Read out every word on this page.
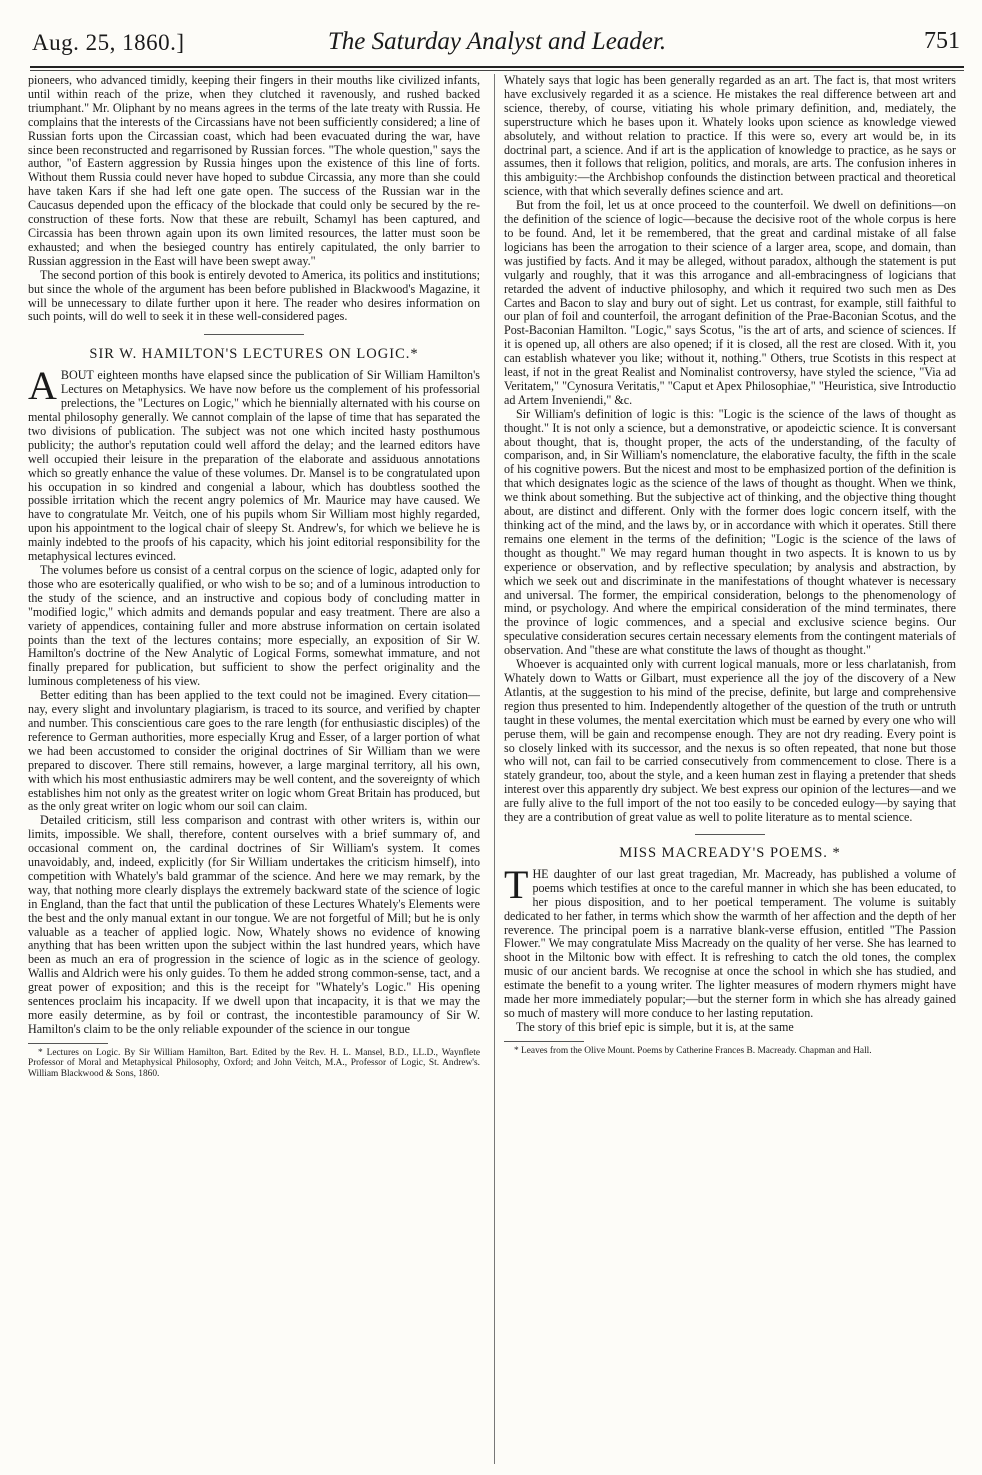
Aug. 25, 1860.]	The Saturday Analyst and Leader.	751

pioneers, who advanced timidly, keeping their fingers in their mouths like civilized infants, until within reach of the prize, when they clutched it ravenously, and rushed backed triumphant." Mr. Oliphant by no means agrees in the terms of the late treaty with Russia. He complains that the interests of the Circassians have not been sufficiently considered; a line of Russian forts upon the Circassian coast, which had been evacuated during the war, have since been reconstructed and regarrisoned by Russian forces. "The whole question," says the author, "of Eastern aggression by Russia hinges upon the existence of this line of forts. Without them Russia could never have hoped to subdue Circassia, any more than she could have taken Kars if she had left one gate open. The success of the Russian war in the Caucasus depended upon the efficacy of the blockade that could only be secured by the re-construction of these forts. Now that these are rebuilt, Schamyl has been captured, and Circassia has been thrown again upon its own limited resources, the latter must soon be exhausted; and when the besieged country has entirely capitulated, the only barrier to Russian aggression in the East will have been swept away."

The second portion of this book is entirely devoted to America, its politics and institutions; but since the whole of the argument has been before published in Blackwood's Magazine, it will be unnecessary to dilate further upon it here. The reader who desires information on such points, will do well to seek it in these well-considered pages.

SIR W. HAMILTON'S LECTURES ON LOGIC.*

ABOUT eighteen months have elapsed since the publication of Sir William Hamilton's Lectures on Metaphysics. We have now before us the complement of his professorial prelections, the "Lectures on Logic," which he biennially alternated with his course on mental philosophy generally. We cannot complain of the lapse of time that has separated the two divisions of publication. The subject was not one which incited hasty posthumous publicity; the author's reputation could well afford the delay; and the learned editors have well occupied their leisure in the preparation of the elaborate and assiduous annotations which so greatly enhance the value of these volumes. Dr. Mansel is to be congratulated upon his occupation in so kindred and congenial a labour, which has doubtless soothed the possible irritation which the recent angry polemics of Mr. Maurice may have caused. We have to congratulate Mr. Veitch, one of his pupils whom Sir William most highly regarded, upon his appointment to the logical chair of sleepy St. Andrew's, for which we believe he is mainly indebted to the proofs of his capacity, which his joint editorial responsibility for the metaphysical lectures evinced.

The volumes before us consist of a central corpus on the science of logic, adapted only for those who are esoterically qualified, or who wish to be so; and of a luminous introduction to the study of the science, and an instructive and copious body of concluding matter in "modified logic," which admits and demands popular and easy treatment. There are also a variety of appendices, containing fuller and more abstruse information on certain isolated points than the text of the lectures contains; more especially, an exposition of Sir W. Hamilton's doctrine of the New Analytic of Logical Forms, somewhat immature, and not finally prepared for publication, but sufficient to show the perfect originality and the luminous completeness of his view.

Better editing than has been applied to the text could not be imagined. Every citation—nay, every slight and involuntary plagiarism, is traced to its source, and verified by chapter and number. This conscientious care goes to the rare length (for enthusiastic disciples) of the reference to German authorities, more especially Krug and Esser, of a larger portion of what we had been accustomed to consider the original doctrines of Sir William than we were prepared to discover. There still remains, however, a large marginal territory, all his own, with which his most enthusiastic admirers may be well content, and the sovereignty of which establishes him not only as the greatest writer on logic whom Great Britain has produced, but as the only great writer on logic whom our soil can claim.

Detailed criticism, still less comparison and contrast with other writers is, within our limits, impossible. We shall, therefore, content ourselves with a brief summary of, and occasional comment on, the cardinal doctrines of Sir William's system. It comes unavoidably, and, indeed, explicitly (for Sir William undertakes the criticism himself), into competition with Whately's bald grammar of the science. And here we may remark, by the way, that nothing more clearly displays the extremely backward state of the science of logic in England, than the fact that until the publication of these Lectures Whately's Elements were the best and the only manual extant in our tongue. We are not forgetful of Mill; but he is only valuable as a teacher of applied logic. Now, Whately shows no evidence of knowing anything that has been written upon the subject within the last hundred years, which have been as much an era of progression in the science of logic as in the science of geology. Wallis and Aldrich were his only guides. To them he added strong common-sense, tact, and a great power of exposition; and this is the receipt for "Whately's Logic." His opening sentences proclaim his incapacity. If we dwell upon that incapacity, it is that we may the more easily determine, as by foil or contrast, the incontestible paramouncy of Sir W. Hamilton's claim to be the only reliable expounder of the science in our tongue

* Lectures on Logic. By Sir William Hamilton, Bart. Edited by the Rev. H. L. Mansel, B.D., LL.D., Waynflete Professor of Moral and Metaphysical Philosophy, Oxford; and John Veitch, M.A., Professor of Logic, St. Andrew's. William Blackwood & Sons, 1860.

Whately says that logic has been generally regarded as an art. The fact is, that most writers have exclusively regarded it as a science. He mistakes the real difference between art and science, thereby, of course, vitiating his whole primary definition, and, mediately, the superstructure which he bases upon it. Whately looks upon science as knowledge viewed absolutely, and without relation to practice. If this were so, every art would be, in its doctrinal part, a science. And if art is the application of knowledge to practice, as he says or assumes, then it follows that religion, politics, and morals, are arts. The confusion inheres in this ambiguity:—the Archbishop confounds the distinction between practical and theoretical science, with that which severally defines science and art.

But from the foil, let us at once proceed to the counterfoil. We dwell on definitions—on the definition of the science of logic—because the decisive root of the whole corpus is here to be found. And, let it be remembered, that the great and cardinal mistake of all false logicians has been the arrogation to their science of a larger area, scope, and domain, than was justified by facts. And it may be alleged, without paradox, although the statement is put vulgarly and roughly, that it was this arrogance and all-embracingness of logicians that retarded the advent of inductive philosophy, and which it required two such men as Des Cartes and Bacon to slay and bury out of sight. Let us contrast, for example, still faithful to our plan of foil and counterfoil, the arrogant definition of the Prae-Baconian Scotus, and the Post-Baconian Hamilton. "Logic," says Scotus, "is the art of arts, and science of sciences. If it is opened up, all others are also opened; if it is closed, all the rest are closed. With it, you can establish whatever you like; without it, nothing." Others, true Scotists in this respect at least, if not in the great Realist and Nominalist controversy, have styled the science, "Via ad Veritatem," "Cynosura Veritatis," "Caput et Apex Philosophiae," "Heuristica, sive Introductio ad Artem Inveniendi," &c.

Sir William's definition of logic is this: "Logic is the science of the laws of thought as thought." It is not only a science, but a demonstrative, or apodeictic science. It is conversant about thought, that is, thought proper, the acts of the understanding, of the faculty of comparison, and, in Sir William's nomenclature, the elaborative faculty, the fifth in the scale of his cognitive powers. But the nicest and most to be emphasized portion of the definition is that which designates logic as the science of the laws of thought as thought. When we think, we think about something. But the subjective act of thinking, and the objective thing thought about, are distinct and different. Only with the former does logic concern itself, with the thinking act of the mind, and the laws by, or in accordance with which it operates. Still there remains one element in the terms of the definition; "Logic is the science of the laws of thought as thought." We may regard human thought in two aspects. It is known to us by experience or observation, and by reflective speculation; by analysis and abstraction, by which we seek out and discriminate in the manifestations of thought whatever is necessary and universal. The former, the empirical consideration, belongs to the phenomenology of mind, or psychology. And where the empirical consideration of the mind terminates, there the province of logic commences, and a special and exclusive science begins. Our speculative consideration secures certain necessary elements from the contingent materials of observation. And "these are what constitute the laws of thought as thought."

Whoever is acquainted only with current logical manuals, more or less charlatanish, from Whately down to Watts or Gilbart, must experience all the joy of the discovery of a New Atlantis, at the suggestion to his mind of the precise, definite, but large and comprehensive region thus presented to him. Independently altogether of the question of the truth or untruth taught in these volumes, the mental exercitation which must be earned by every one who will peruse them, will be gain and recompense enough. They are not dry reading. Every point is so closely linked with its successor, and the nexus is so often repeated, that none but those who will not, can fail to be carried consecutively from commencement to close. There is a stately grandeur, too, about the style, and a keen human zest in flaying a pretender that sheds interest over this apparently dry subject. We best express our opinion of the lectures—and we are fully alive to the full import of the not too easily to be conceded eulogy—by saying that they are a contribution of great value as well to polite literature as to mental science.

MISS MACREADY'S POEMS. *

THE daughter of our last great tragedian, Mr. Macready, has published a volume of poems which testifies at once to the careful manner in which she has been educated, to her pious disposition, and to her poetical temperament. The volume is suitably dedicated to her father, in terms which show the warmth of her affection and the depth of her reverence. The principal poem is a narrative blank-verse effusion, entitled "The Passion Flower." We may congratulate Miss Macready on the quality of her verse. She has learned to shoot in the Miltonic bow with effect. It is refreshing to catch the old tones, the complex music of our ancient bards. We recognise at once the school in which she has studied, and estimate the benefit to a young writer. The lighter measures of modern rhymers might have made her more immediately popular;—but the sterner form in which she has already gained so much of mastery will more conduce to her lasting reputation.

The story of this brief epic is simple, but it is, at the same

* Leaves from the Olive Mount. Poems by Catherine Frances B. Macready. Chapman and Hall.
